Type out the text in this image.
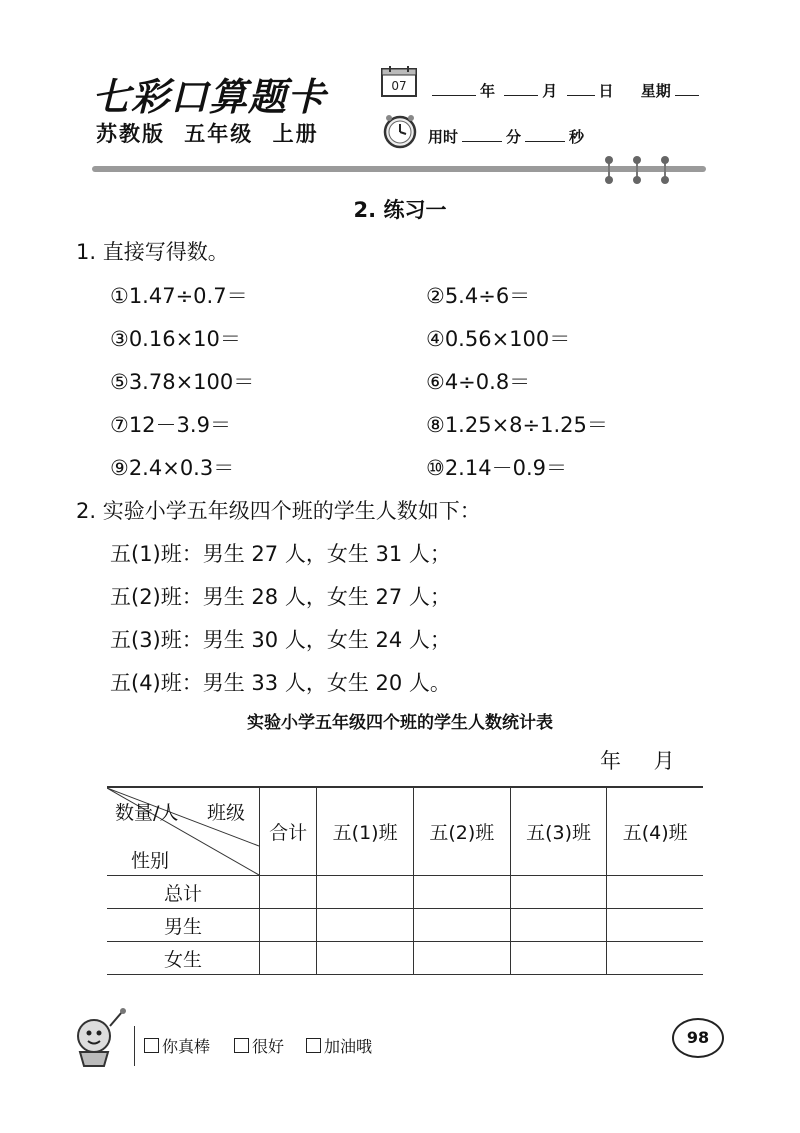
七彩口算题卡
苏教版 五年级 上册
07	年	月	日 星期
用时	分	秒
2. 练习一
1. 直接写得数。
①1.47÷0.7＝	②5.4÷6＝
③0.16×10＝	④0.56×100＝
⑤3.78×100＝	⑥4÷0.8＝
⑦12－3.9＝	⑧1.25×8÷1.25＝
⑨2.4×0.3＝	⑩2.14－0.9＝
2. 实验小学五年级四个班的学生人数如下：
五(1)班：男生 27 人，女生 31 人；
五(2)班：男生 28 人，女生 27 人；
五(3)班：男生 30 人，女生 24 人；
五(4)班：男生 33 人，女生 20 人。
实验小学五年级四个班的学生人数统计表
年 月
数量/人 班级
性别	合计	五(1)班	五(2)班	五(3)班	五(4)班
总计					
男生					
女生					
你真棒	很好	加油哦	98
